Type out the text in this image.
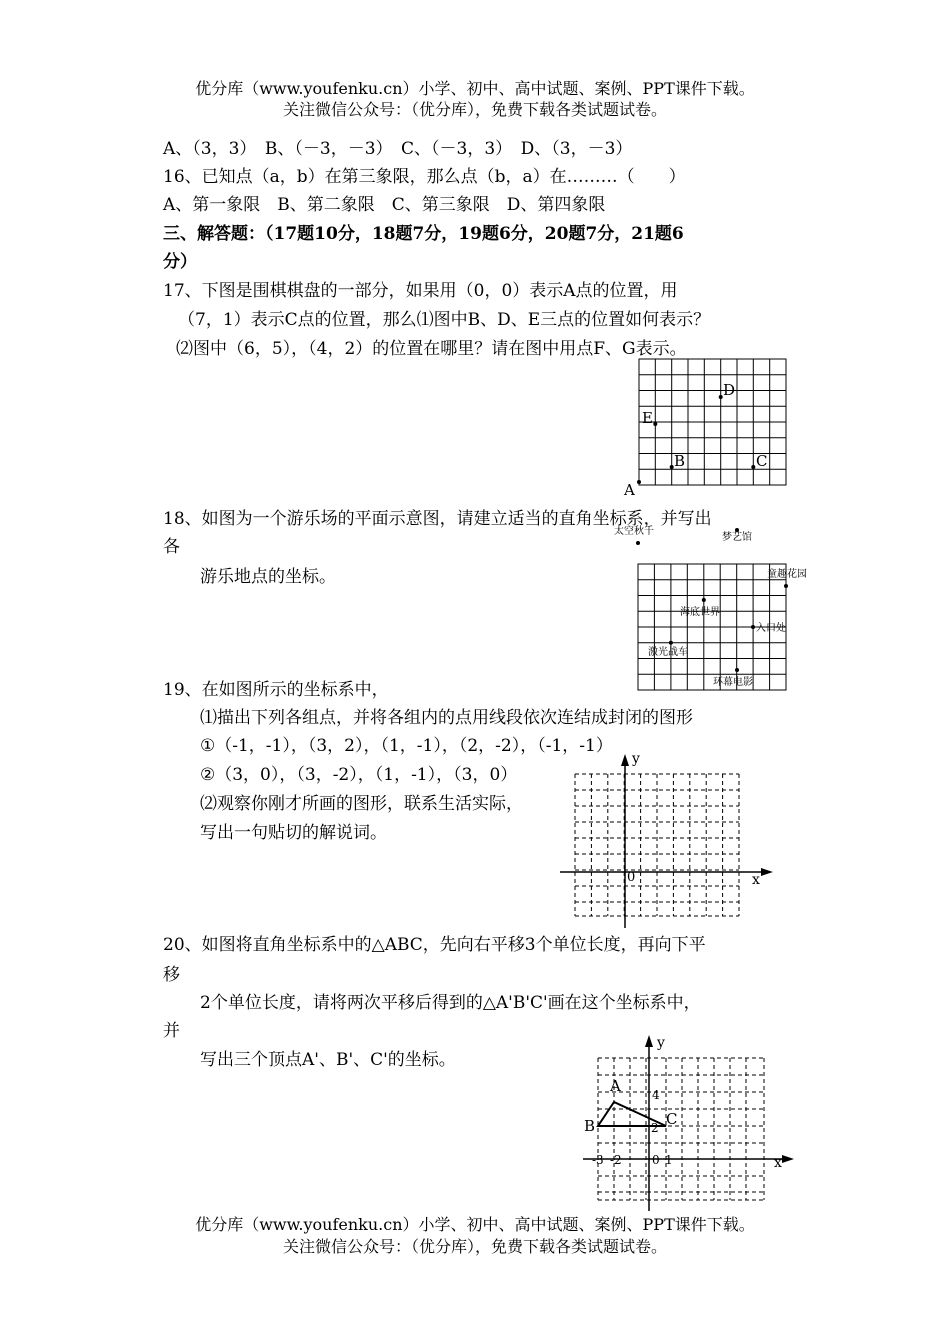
优分库（www.youfenku.cn）小学、初中、高中试题、案例、PPT课件下载。
关注微信公众号：（优分库），免费下载各类试题试卷。
A、（3，3）　B、（－3，－3）　C、（－3，3）　D、（3，－3）
16、已知点（a，b）在第三象限，那么点（b，a）在………（　　）
A、第一象限　B、第二象限　C、第三象限　D、第四象限
三、解答题：（17题10分，18题7分，19题6分，20题7分，21题6
分）
17、下图是围棋棋盘的一部分，如果用（0，0）表示A点的位置，用
（7，1）表示C点的位置，那么⑴图中B、D、E三点的位置如何表示？
⑵图中（6，5），（4，2）的位置在哪里？请在图中用点F、G表示。
A
B	C
D
E
18、如图为一个游乐场的平面示意图，请建立适当的直角坐标系，并写出
各
游乐地点的坐标。
太空秋千
梦艺馆
童趣花园
海底世界
入口处
激光战车
环幕电影
19、在如图所示的坐标系中，
⑴描出下列各组点，并将各组内的点用线段依次连结成封闭的图形
①（-1，-1），（3，2），（1，-1），（2，-2），（-1，-1）
②（3，0），（3，-2），（1，-1），（3，0）
⑵观察你刚才所画的图形，联系生活实际，
写出一句贴切的解说词。
x
y
0
20、如图将直角坐标系中的△ABC，先向右平移3个单位长度，再向下平
移
2个单位长度，请将两次平移后得到的△A'B'C'画在这个坐标系中，
并
写出三个顶点A'、B'、C'的坐标。
A
B	C
x
y
4
2
-3 -2	0 1
优分库（www.youfenku.cn）小学、初中、高中试题、案例、PPT课件下载。
关注微信公众号：（优分库），免费下载各类试题试卷。
